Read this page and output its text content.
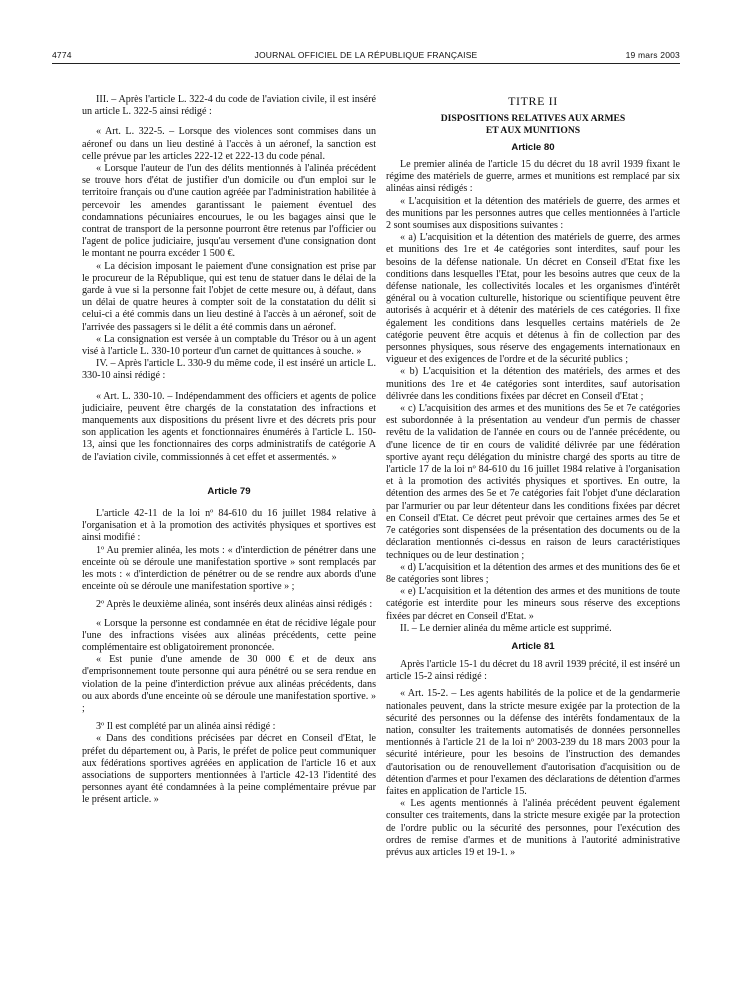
4774	JOURNAL OFFICIEL DE LA RÉPUBLIQUE FRANÇAISE	19 mars 2003

III. – Après l'article L. 322-4 du code de l'aviation civile, il est inséré un article L. 322-5 ainsi rédigé :

« Art. L. 322-5. – Lorsque des violences sont commises dans un aéronef ou dans un lieu destiné à l'accès à un aéronef, la sanction est celle prévue par les articles 222-12 et 222-13 du code pénal.

« Lorsque l'auteur de l'un des délits mentionnés à l'alinéa précédent se trouve hors d'état de justifier d'un domicile ou d'un emploi sur le territoire français ou d'une caution agréée par l'administration habilitée à percevoir les amendes garantissant le paiement éventuel des condamnations pécuniaires encourues, le ou les bagages ainsi que le contrat de transport de la personne pourront être retenus par l'officier ou l'agent de police judiciaire, jusqu'au versement d'une consignation dont le montant ne pourra excéder 1 500 €.

« La décision imposant le paiement d'une consignation est prise par le procureur de la République, qui est tenu de statuer dans le délai de la garde à vue si la personne fait l'objet de cette mesure ou, à défaut, dans un délai de quatre heures à compter soit de la constatation du délit si celui-ci a été commis dans un lieu destiné à l'accès à un aéronef, soit de l'arrivée des passagers si le délit a été commis dans un aéronef.

« La consignation est versée à un comptable du Trésor ou à un agent visé à l'article L. 330-10 porteur d'un carnet de quittances à souche. »

IV. – Après l'article L. 330-9 du même code, il est inséré un article L. 330-10 ainsi rédigé :

« Art. L. 330-10. – Indépendamment des officiers et agents de police judiciaire, peuvent être chargés de la constatation des infractions et manquements aux dispositions du présent livre et des décrets pris pour son application les agents et fonctionnaires énumérés à l'article L. 150-13, ainsi que les fonctionnaires des corps administratifs de catégorie A de l'aviation civile, commissionnés à cet effet et assermentés. »

Article 79

L'article 42-11 de la loi nº 84-610 du 16 juillet 1984 relative à l'organisation et à la promotion des activités physiques et sportives est ainsi modifié :

1º Au premier alinéa, les mots : « d'interdiction de pénétrer dans une enceinte où se déroule une manifestation sportive » sont remplacés par les mots : « d'interdiction de pénétrer ou de se rendre aux abords d'une enceinte où se déroule une manifestation sportive » ;

2º Après le deuxième alinéa, sont insérés deux alinéas ainsi rédigés :

« Lorsque la personne est condamnée en état de récidive légale pour l'une des infractions visées aux alinéas précédents, cette peine complémentaire est obligatoirement prononcée.

« Est punie d'une amende de 30 000 € et de deux ans d'emprisonnement toute personne qui aura pénétré ou se sera rendue en violation de la peine d'interdiction prévue aux alinéas précédents, dans ou aux abords d'une enceinte où se déroule une manifestation sportive. » ;

3º Il est complété par un alinéa ainsi rédigé :

« Dans des conditions précisées par décret en Conseil d'Etat, le préfet du département ou, à Paris, le préfet de police peut communiquer aux fédérations sportives agréées en application de l'article 16 et aux associations de supporters mentionnées à l'article 42-13 l'identité des personnes ayant été condamnées à la peine complémentaire prévue par le présent article. »

TITRE II

DISPOSITIONS RELATIVES AUX ARMES

ET AUX MUNITIONS

Article 80

Le premier alinéa de l'article 15 du décret du 18 avril 1939 fixant le régime des matériels de guerre, armes et munitions est remplacé par six alinéas ainsi rédigés :

« L'acquisition et la détention des matériels de guerre, des armes et des munitions par les personnes autres que celles mentionnées à l'article 2 sont soumises aux dispositions suivantes :

« a) L'acquisition et la détention des matériels de guerre, des armes et munitions des 1re et 4e catégories sont interdites, sauf pour les besoins de la défense nationale. Un décret en Conseil d'Etat fixe les conditions dans lesquelles l'Etat, pour les besoins autres que ceux de la défense nationale, les collectivités locales et les organismes d'intérêt général ou à vocation culturelle, historique ou scientifique peuvent être autorisés à acquérir et à détenir des matériels de ces catégories. Il fixe également les conditions dans lesquelles certains matériels de 2e catégorie peuvent être acquis et détenus à fin de collection par des personnes physiques, sous réserve des engagements internationaux en vigueur et des exigences de l'ordre et de la sécurité publics ;

« b) L'acquisition et la détention des matériels, des armes et des munitions des 1re et 4e catégories sont interdites, sauf autorisation délivrée dans les conditions fixées par décret en Conseil d'Etat ;

« c) L'acquisition des armes et des munitions des 5e et 7e catégories est subordonnée à la présentation au vendeur d'un permis de chasser revêtu de la validation de l'année en cours ou de l'année précédente, ou d'une licence de tir en cours de validité délivrée par une fédération sportive ayant reçu délégation du ministre chargé des sports au titre de l'article 17 de la loi nº 84-610 du 16 juillet 1984 relative à l'organisation et à la promotion des activités physiques et sportives. En outre, la détention des armes des 5e et 7e catégories fait l'objet d'une déclaration par l'armurier ou par leur détenteur dans les conditions fixées par décret en Conseil d'Etat. Ce décret peut prévoir que certaines armes des 5e et 7e catégories sont dispensées de la présentation des documents ou de la déclaration mentionnés ci-dessus en raison de leurs caractéristiques techniques ou de leur destination ;

« d) L'acquisition et la détention des armes et des munitions des 6e et 8e catégories sont libres ;

« e) L'acquisition et la détention des armes et des munitions de toute catégorie est interdite pour les mineurs sous réserve des exceptions fixées par décret en Conseil d'Etat. »

II. – Le dernier alinéa du même article est supprimé.

Article 81

Après l'article 15-1 du décret du 18 avril 1939 précité, il est inséré un article 15-2 ainsi rédigé :

« Art. 15-2. – Les agents habilités de la police et de la gendarmerie nationales peuvent, dans la stricte mesure exigée par la protection de la sécurité des personnes ou la défense des intérêts fondamentaux de la nation, consulter les traitements automatisés de données personnelles mentionnés à l'article 21 de la loi nº 2003-239 du 18 mars 2003 pour la sécurité intérieure, pour les besoins de l'instruction des demandes d'autorisation ou de renouvellement d'autorisation d'acquisition ou de détention d'armes et pour l'examen des déclarations de détention d'armes faites en application de l'article 15.

« Les agents mentionnés à l'alinéa précédent peuvent également consulter ces traitements, dans la stricte mesure exigée par la protection de l'ordre public ou la sécurité des personnes, pour l'exécution des ordres de remise d'armes et de munitions à l'autorité administrative prévus aux articles 19 et 19-1. »
